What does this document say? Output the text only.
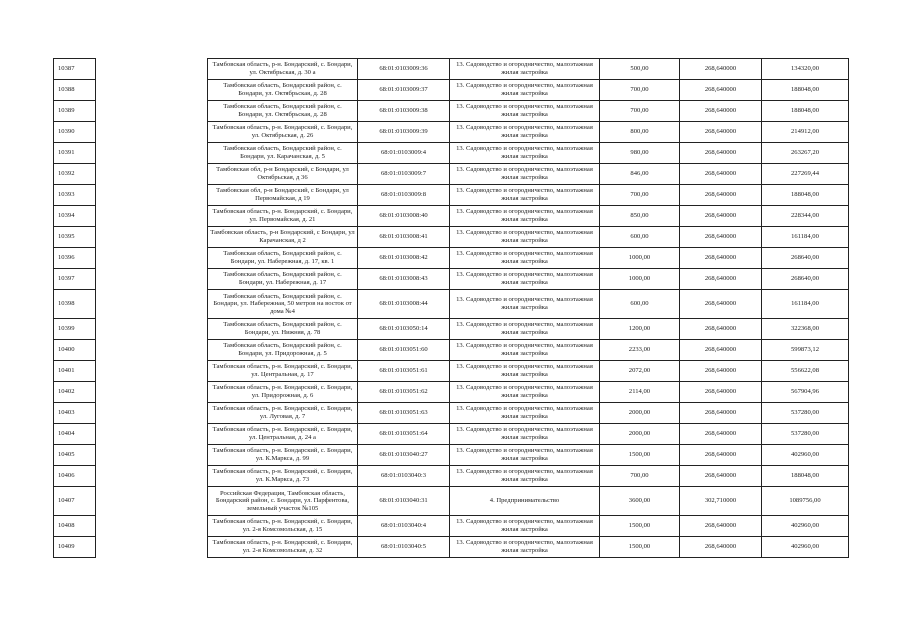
10387		Тамбовская область, р-н. Бондарский, с. Бондари, ул. Октябрьская, д. 30 а	68:01:0103009:36	13. Садоводство и огородничество, малоэтажная жилая застройка	500,00	268,640000	134320,00
10388		Тамбовская область, Бондарский район, с. Бондари, ул. Октябрьская, д. 28	68:01:0103009:37	13. Садоводство и огородничество, малоэтажная жилая застройка	700,00	268,640000	188048,00
10389		Тамбовская область, Бондарский район, с. Бондари, ул. Октябрьская, д. 28	68:01:0103009:38	13. Садоводство и огородничество, малоэтажная жилая застройка	700,00	268,640000	188048,00
10390		Тамбовская область, р-н. Бондарский, с. Бондари, ул. Октябрьская, д. 26	68:01:0103009:39	13. Садоводство и огородничество, малоэтажная жилая застройка	800,00	268,640000	214912,00
10391		Тамбовская область, Бондарский район, с. Бондари, ул. Карачанская, д. 5	68:01:0103009:4	13. Садоводство и огородничество, малоэтажная жилая застройка	980,00	268,640000	263267,20
10392		Тамбовская обл, р-н Бондарский, с Бондари, ул Октябрьская, д 36	68:01:0103009:7	13. Садоводство и огородничество, малоэтажная жилая застройка	846,00	268,640000	227269,44
10393		Тамбовская обл, р-н Бондарский, с Бондари, ул Первомайская, д 19	68:01:0103009:8	13. Садоводство и огородничество, малоэтажная жилая застройка	700,00	268,640000	188048,00
10394		Тамбовская область, р-н. Бондарский, с. Бондари, ул. Первомайская, д. 21	68:01:0103008:40	13. Садоводство и огородничество, малоэтажная жилая застройка	850,00	268,640000	228344,00
10395		Тамбовская область, р-н Бондарский, с Бондари, ул Карачанская, д 2	68:01:0103008:41	13. Садоводство и огородничество, малоэтажная жилая застройка	600,00	268,640000	161184,00
10396		Тамбовская область, Бондарский район, с. Бондари, ул. Набережная, д. 17, кв. 1	68:01:0103008:42	13. Садоводство и огородничество, малоэтажная жилая застройка	1000,00	268,640000	268640,00
10397		Тамбовская область, Бондарский район, с. Бондари, ул. Набережная, д. 17	68:01:0103008:43	13. Садоводство и огородничество, малоэтажная жилая застройка	1000,00	268,640000	268640,00
10398		Тамбовская область, Бондарский район, с. Бондари, ул. Набережная, 50 метров на восток от дома №4	68:01:0103008:44	13. Садоводство и огородничество, малоэтажная жилая застройка	600,00	268,640000	161184,00
10399		Тамбовская область, Бондарский район, с. Бондари, ул. Нижняя, д. 78	68:01:0103050:14	13. Садоводство и огородничество, малоэтажная жилая застройка	1200,00	268,640000	322368,00
10400		Тамбовская область, Бондарский район, с. Бондари, ул. Придорожная, д. 5	68:01:0103051:60	13. Садоводство и огородничество, малоэтажная жилая застройка	2233,00	268,640000	599873,12
10401		Тамбовская область, р-н. Бондарский, с. Бондари, ул. Центральная, д. 17	68:01:0103051:61	13. Садоводство и огородничество, малоэтажная жилая застройка	2072,00	268,640000	556622,08
10402		Тамбовская область, р-н. Бондарский, с. Бондари, ул. Придорожная, д. 6	68:01:0103051:62	13. Садоводство и огородничество, малоэтажная жилая застройка	2114,00	268,640000	567904,96
10403		Тамбовская область, р-н. Бондарский, с. Бондари, ул. Луговая, д. 7	68:01:0103051:63	13. Садоводство и огородничество, малоэтажная жилая застройка	2000,00	268,640000	537280,00
10404		Тамбовская область, р-н. Бондарский, с. Бондари, ул. Центральная, д. 24 а	68:01:0103051:64	13. Садоводство и огородничество, малоэтажная жилая застройка	2000,00	268,640000	537280,00
10405		Тамбовская область, р-н. Бондарский, с. Бондари, ул. К.Маркса, д. 99	68:01:0103040:27	13. Садоводство и огородничество, малоэтажная жилая застройка	1500,00	268,640000	402960,00
10406		Тамбовская область, р-н. Бондарский, с. Бондари, ул. К.Маркса, д. 73	68:01:0103040:3	13. Садоводство и огородничество, малоэтажная жилая застройка	700,00	268,640000	188048,00
10407		Российская Федерация, Тамбовская область, Бондарский район, с. Бондари, ул. Парфентова, земельный участок №105	68:01:0103040:31	4. Предпринимательство	3600,00	302,710000	1089756,00
10408		Тамбовская область, р-н. Бондарский, с. Бондари, ул. 2-я Комсомольская, д. 15	68:01:0103040:4	13. Садоводство и огородничество, малоэтажная жилая застройка	1500,00	268,640000	402960,00
10409		Тамбовская область, р-н. Бондарский, с. Бондари, ул. 2-я Комсомольская, д. 32	68:01:0103040:5	13. Садоводство и огородничество, малоэтажная жилая застройка	1500,00	268,640000	402960,00
